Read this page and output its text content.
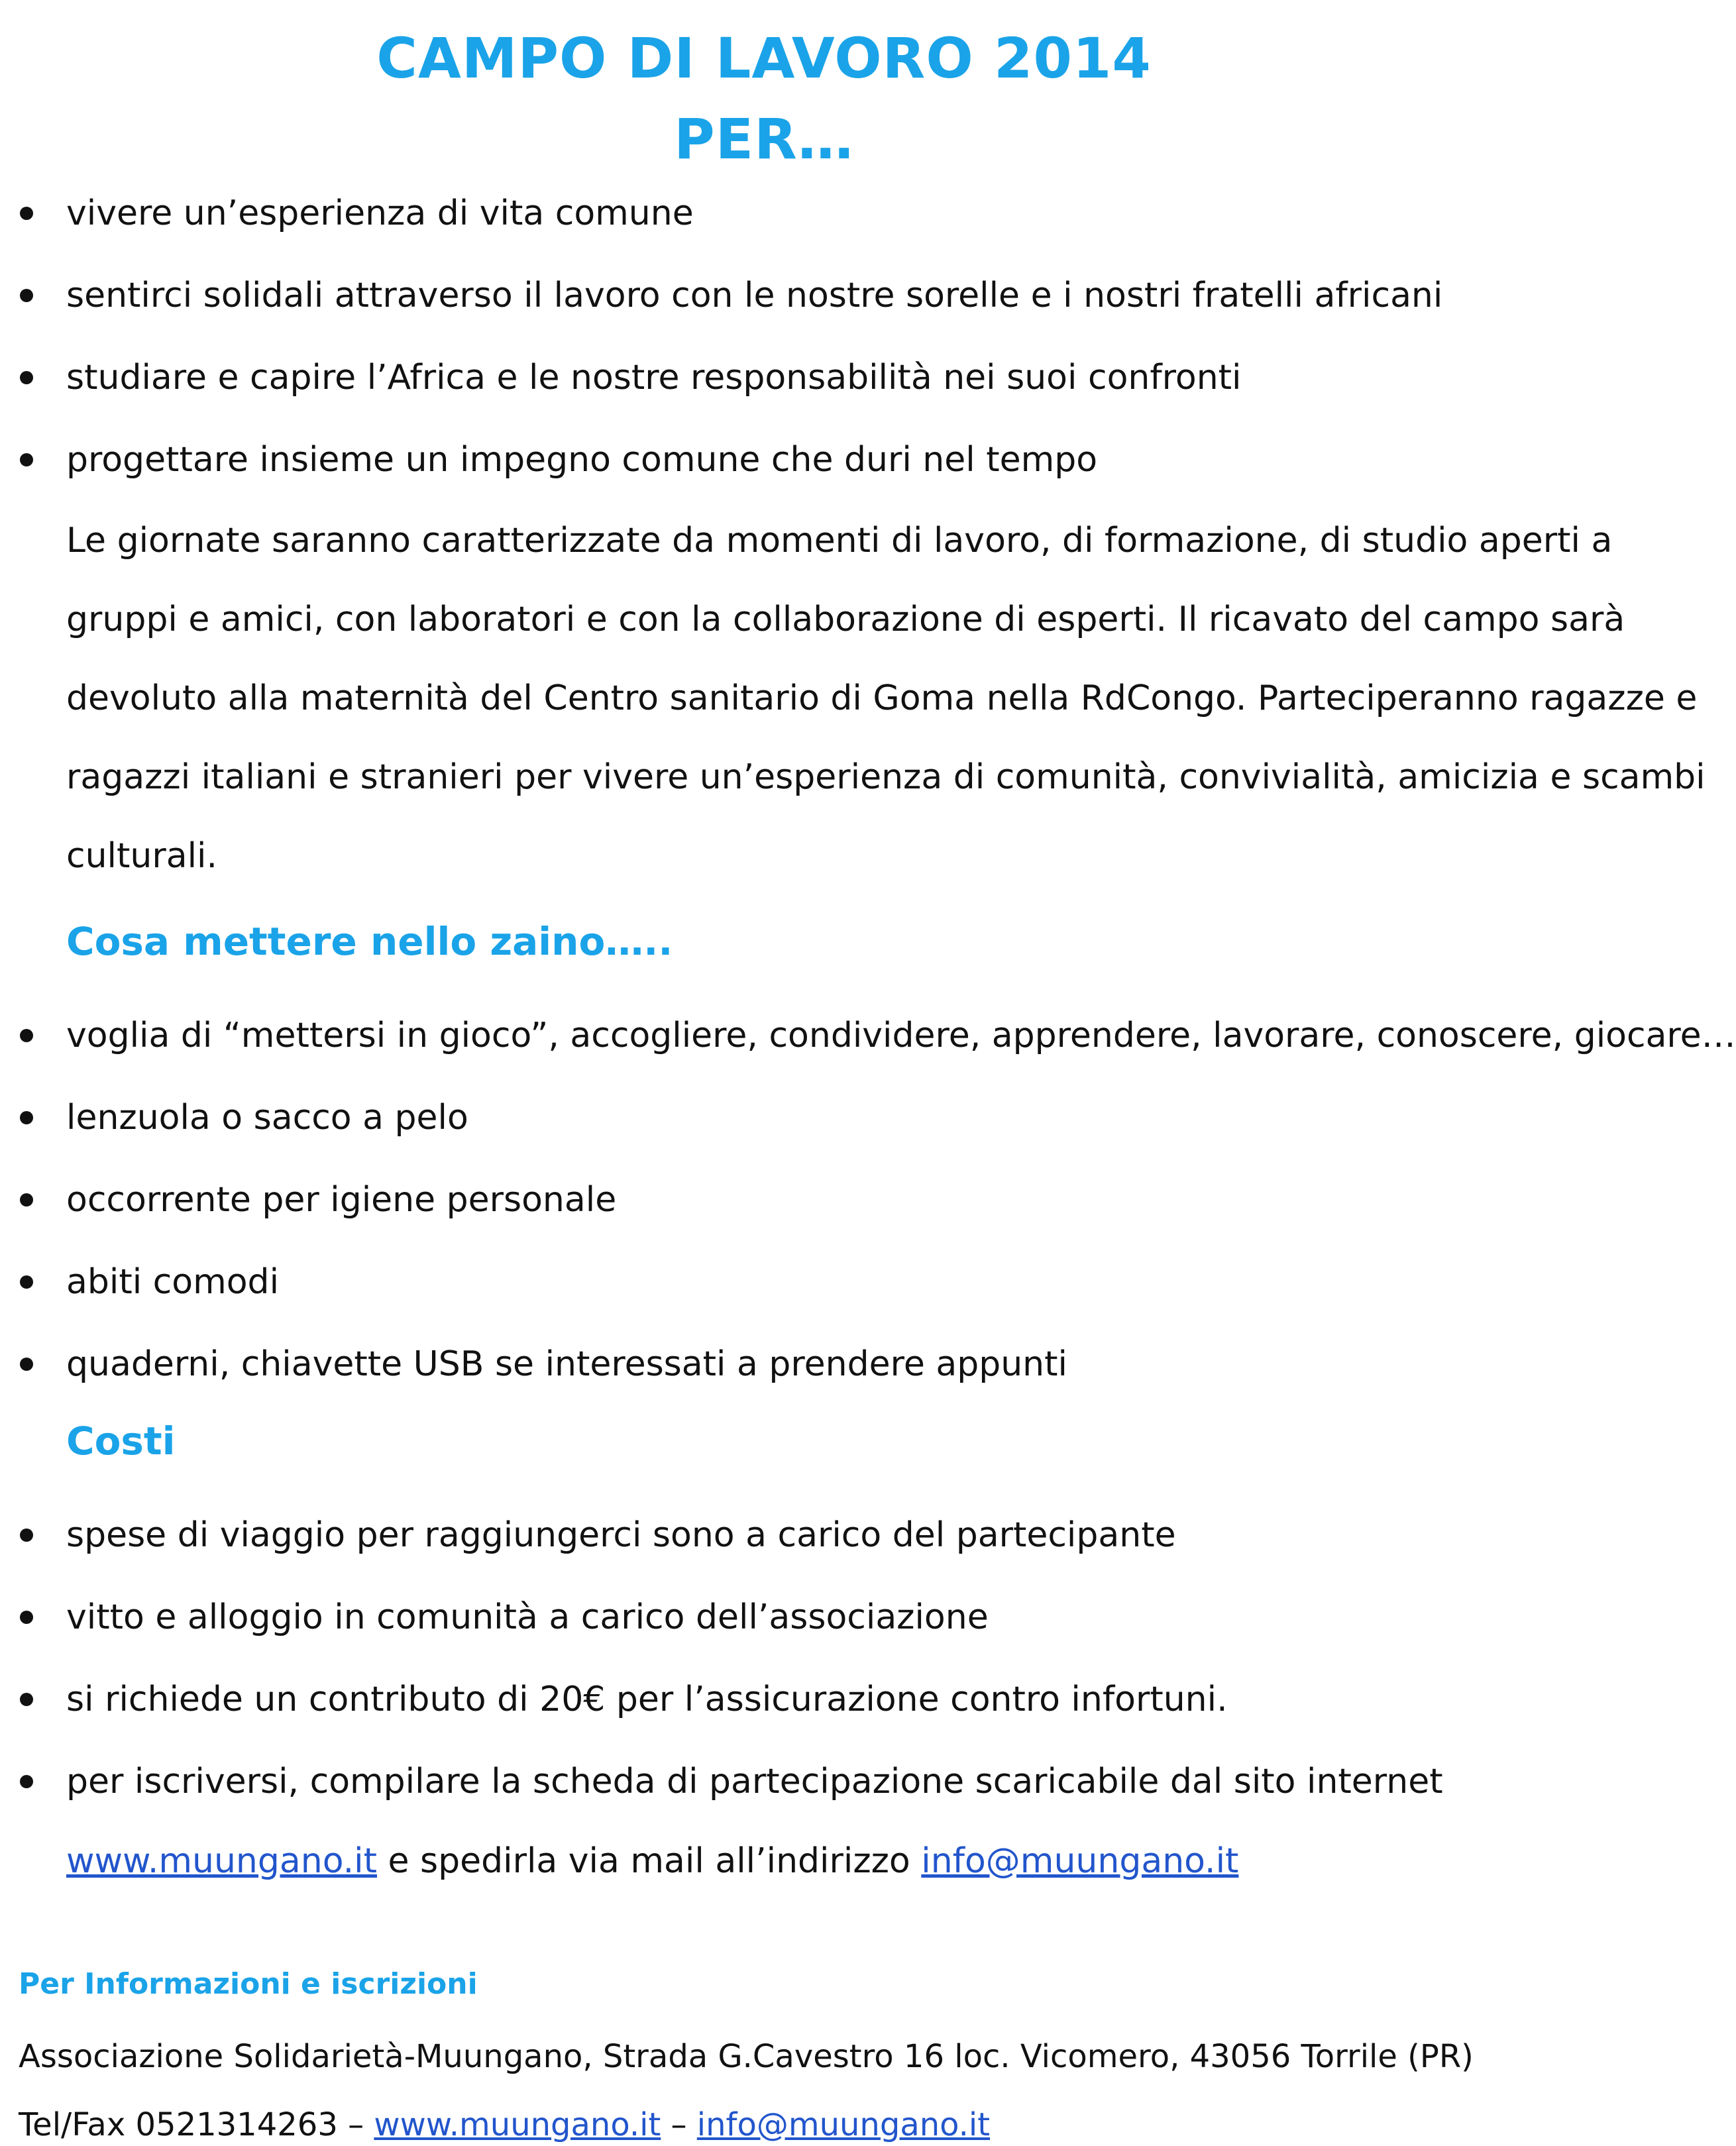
CAMPO DI LAVORO 2014
PER…
vivere un’esperienza di vita comune
sentirci solidali attraverso il lavoro con le nostre sorelle e i nostri fratelli africani
studiare e capire l’Africa e le nostre responsabilità nei suoi confronti
progettare insieme un impegno comune che duri nel tempo
Le giornate saranno caratterizzate da momenti di lavoro, di formazione, di studio aperti a
gruppi e amici, con laboratori e con la collaborazione di esperti. Il ricavato del campo sarà
devoluto alla maternità del Centro sanitario di Goma nella RdCongo. Parteciperanno ragazze e
ragazzi italiani e stranieri per vivere un’esperienza di comunità, convivialità, amicizia e scambi
culturali.
Cosa mettere nello zaino…..
voglia di “mettersi in gioco”, accogliere, condividere, apprendere, lavorare, conoscere, giocare…
lenzuola o sacco a pelo
occorrente per igiene personale
abiti comodi
quaderni, chiavette USB se interessati a prendere appunti
Costi
spese di viaggio per raggiungerci sono a carico del partecipante
vitto e alloggio in comunità a carico dell’associazione
si richiede un contributo di 20€ per l’assicurazione contro infortuni.
per iscriversi, compilare la scheda di partecipazione scaricabile dal sito internet
www.muungano.it e spedirla via mail all’indirizzo info@muungano.it
Per Informazioni e iscrizioni
Associazione Solidarietà-Muungano, Strada G.Cavestro 16 loc. Vicomero, 43056 Torrile (PR)
Tel/Fax 0521314263 – www.muungano.it – info@muungano.it
